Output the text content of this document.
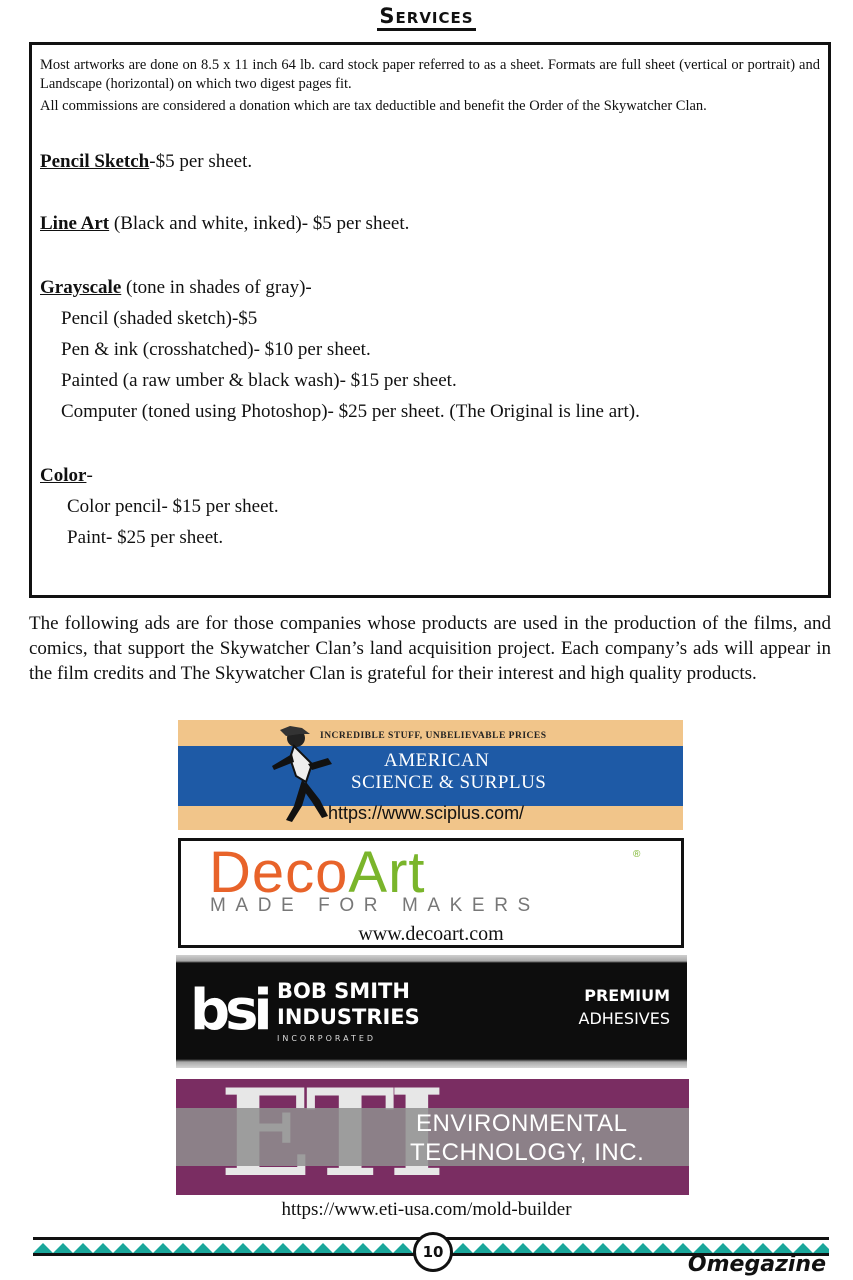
Services

Most artworks are done on 8.5 x 11 inch 64 lb. card stock paper referred to as a sheet. Formats are full sheet (vertical or portrait) and Landscape (horizontal) on which two digest pages fit.

All commissions are considered a donation which are tax deductible and benefit the Order of the Skywatcher Clan.

Pencil Sketch-$5 per sheet.
Line Art (Black and white, inked)- $5 per sheet.
Grayscale (tone in shades of gray)-
Pencil (shaded sketch)-$5
Pen & ink (crosshatched)- $10 per sheet.
Painted (a raw umber & black wash)- $15 per sheet.
Computer (toned using Photoshop)- $25 per sheet. (The Original is line art).
Color-
Color pencil- $15 per sheet.
Paint- $25 per sheet.

The following ads are for those companies whose products are used in the production of the films, and comics, that support the Skywatcher Clan’s land acquisition project. Each company’s ads will appear in the film credits and The Skywatcher Clan is grateful for their interest and high quality products.

INCREDIBLE STUFF, UNBELIEVABLE PRICES
AMERICAN
SCIENCE & SURPLUS
https://www.sciplus.com/
DecoArt	®
MADE FOR MAKERS
www.decoart.com
bsi BOB SMITH
INDUSTRIES
INCORPORATED
PREMIUM
ADHESIVES
ENVIRONMENTAL
TECHNOLOGY, INC.
https://www.eti-usa.com/mold-builder
10	Omegazine
